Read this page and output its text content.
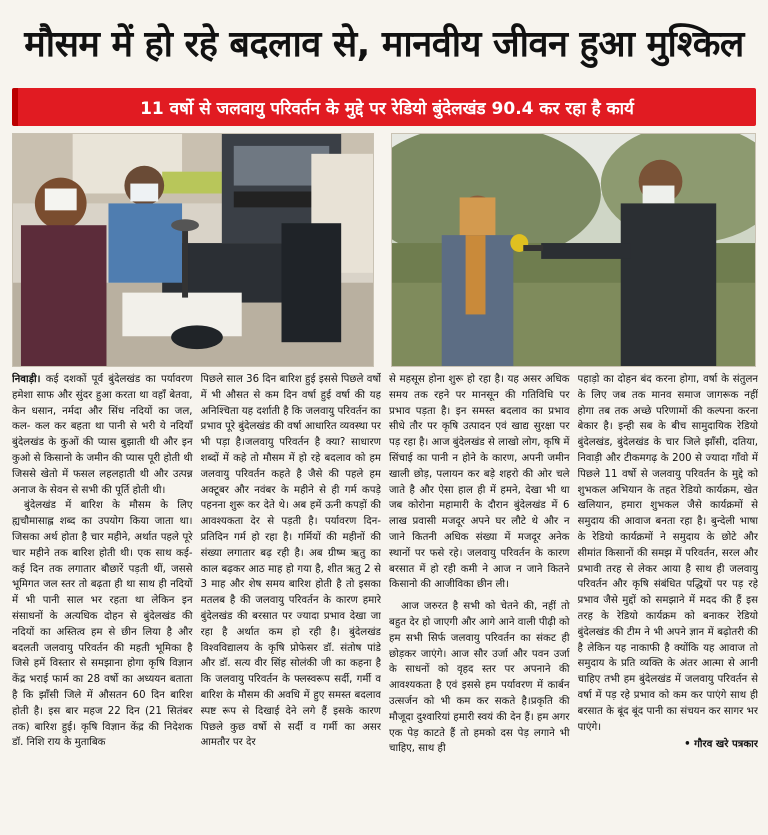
मौसम में हो रहे बदलाव से, मानवीय जीवन हुआ मुश्किल
11 वर्षो से जलवायु परिवर्तन के मुद्दे पर रेडियो बुंदेलखंड 90.4 कर रहा है कार्य

निवाड़ी। कई दशकों पूर्व बुंदेलखंड का पर्यावरण हमेशा साफ और सुंदर हुआ करता था वहाँ बेतवा, केन धसान, नर्मदा और सिंध नदियों का जल, कल- कल कर बहता था पानी से भरी ये नदियाँ बुंदेलखंड के कुओं की प्यास बुझाती थी और इन कुओ से किसानो के जमीन की प्यास पूरी होती थी जिससे खेतो में फसल लहलहाती थी और उत्पन्न अनाज के सेवन से सभी की पूर्ति होती थी।

बुंदेलखंड में बारिश के मौसम के लिए ह्यचौमासाह्ल शब्द का उपयोग किया जाता था।जिसका अर्थ होता है चार महीने, अर्थात पहले पूरे चार महीने तक बारिश होती थी। एक साथ कई-कई दिन तक लगातार बौछारें पड़ती थीं, जससे भूमिगत जल स्तर तो बढ़ता ही था साथ ही नदियों में भी पानी साल भर रहता था लेकिन इन संसाधनों के अत्यधिक दोहन से बुंदेलखंड की नदियों का अस्तित्व हम से छीन लिया है और बदलती जलवायु परिवर्तन की महती भूमिका है जिसे हमें विस्तार से समझाना होगा कृषि विज्ञान केंद्र भराई फार्म का 28 वर्षो का अध्ययन बताता है कि झाँसी जिले में औसतन 60 दिन बारिश होती है। इस बार महज 22 दिन (21 सितंबर तक) बारिश हुई। कृषि विज्ञान केंद्र की निदेशक डॉ. निशि राय के मुताबिक

पिछले साल 36 दिन बारिश हुई इससे पिछले वर्षो में भी औसत से कम दिन वर्षा हुई वर्षा की यह अनिश्चिता यह दर्शाती है कि जलवायु परिवर्तन का प्रभाव पूरे बुंदेलखंड की वर्षा आधारित व्यवस्था पर भी पड़ा है।जलवायु परिवर्तन है क्या? साधारण शब्दों में कहे तो मौसम में हो रहे बदलाव को हम जलवायु परिवर्तन कहते है जैसे की पहले हम अक्टूबर और नवंबर के महीने से ही गर्म कपड़े पहनना शुरू कर देते थे। अब हमें ऊनी कपड़ों की आवश्यकता देर से पड़ती है। पर्यावरण दिन-प्रतिदिन गर्म हो रहा है। गर्मियों की महीनों की संख्या लगातार बढ़ रही है। अब ग्रीष्म ऋतु का काल बढ़कर आठ माह हो गया है, शीत ऋतु 2 से 3 माह और शेष समय बारिश होती है तो इसका मतलब है की जलवायु परिवर्तन के कारण हमारे बुंदेलखंड की बरसात पर ज्यादा प्रभाव देखा जा रहा है अर्थात कम हो रही है। बुंदेलखंड विश्वविद्यालय के कृषि प्रोफेसर डॉ. संतोष पांडे और डॉ. सत्य वीर सिंह सोलंकी जी का कहना है कि जलवायु परिवर्तन के फ्लस्वरूप सर्दी, गर्मी व बारिश के मौसम की अवधि में हुए समस्त बदलाव स्पष्ट रूप से दिखाई देने लगे हैं इसके कारण पिछले कुछ वर्षो से सर्दी व गर्मी का असर आमतौर पर देर

से महसूस होना शुरू हो रहा है। यह असर अधिक समय तक रहने पर मानसून की गतिविधि पर प्रभाव पड़ता है। इन समस्त बदलाव का प्रभाव सीधे तौर पर कृषि उत्पादन एवं खाद्य सुरक्षा पर पड़ रहा है। आज बुंदेलखंड से लाखो लोग, कृषि में सिंचाई का पानी न होने के कारण, अपनी जमीन खाली छोड़, पलायन कर बड़े शहरो की ओर चले जाते है और ऐसा हाल ही में हमने, देखा भी था जब कोरोना महामारी के दौरान बुंदेलखंड में 6 लाख प्रवासी मजदूर अपने घर लौटे थे और न जाने कितनी अधिक संख्या में मजदूर अनेक स्थानों पर फसे रहे। जलवायु परिवर्तन के कारण बरसात में हो रही कमी ने आज न जाने कितने किसानो की आजीविका छीन ली।

आज जरुरत है सभी को चेतने की, नहीं तो बहुत देर हो जाएगी और आगे आने वाली पीढ़ी को हम सभी सिर्फ जलवायु परिवर्तन का संकट ही छोड़कर जाएंगे। आज सौर उर्जा और पवन उर्जा के साधनों को वृहद स्तर पर अपनाने की आवश्यकता है एवं इससे हम पर्यावरण में कार्बन उत्सर्जन को भी कम कर सकते है।प्रकृति की मौजूदा दुश्वारियां हमारी स्वयं की देन हैं। हम अगर एक पेड़ काटते हैं तो हमको दस पेड़ लगाने भी चाहिए, साथ ही

पहाड़ो का दोहन बंद करना होगा, वर्षा के संतुलन के लिए जब तक मानव समाज जागरूक नहीं होगा तब तक अच्छे परिणामों की कल्पना करना बेकार है। इन्ही सब के बीच सामुदायिक रेडियो बुंदेलखंड, बुंदेलखंड के चार जिले झाँसी, दतिया, निवाड़ी और टीकमगढ़ के 200 से ज्यादा गाँवो में पिछले 11 वर्षो से जलवायु परिवर्तन के मुद्दे को शुभकल अभियान के तहत रेडियो कार्यक्रम, खेत खलियान, हमारा शुभकल जैसे कार्यक्रमों से समुदाय की आवाज बनता रहा है। बुन्देली भाषा के रेडियो कार्यक्रमों ने समुदाय के छोटे और सीमांत किसानों की समझ में परिवर्तन, सरल और प्रभावी तरह से लेकर आया है साथ ही जलवायु परिवर्तन और कृषि संबंधित पद्धियों पर पड़ रहे प्रभाव जैसे मुद्दों को समझाने में मदद की हैं इस तरह के रेडियो कार्यक्रम को बनाकर रेडियो बुंदेलखंड की टीम ने भी अपने ज्ञान में बढ़ोतरी की है लेकिन यह नाकाफी है क्योंकि यह आवाज तो समुदाय के प्रति व्यक्ति के अंतर आत्मा से आनी चाहिए तभी हम बुंदेलखंड में जलवायु परिवर्तन से वर्षा में पड़ रहे प्रभाव को कम कर पाएंगे साथ ही बरसात के बूंद बूंद पानी का संचयन कर सागर भर पाएंगे।

• गौरव खरे पत्रकार
